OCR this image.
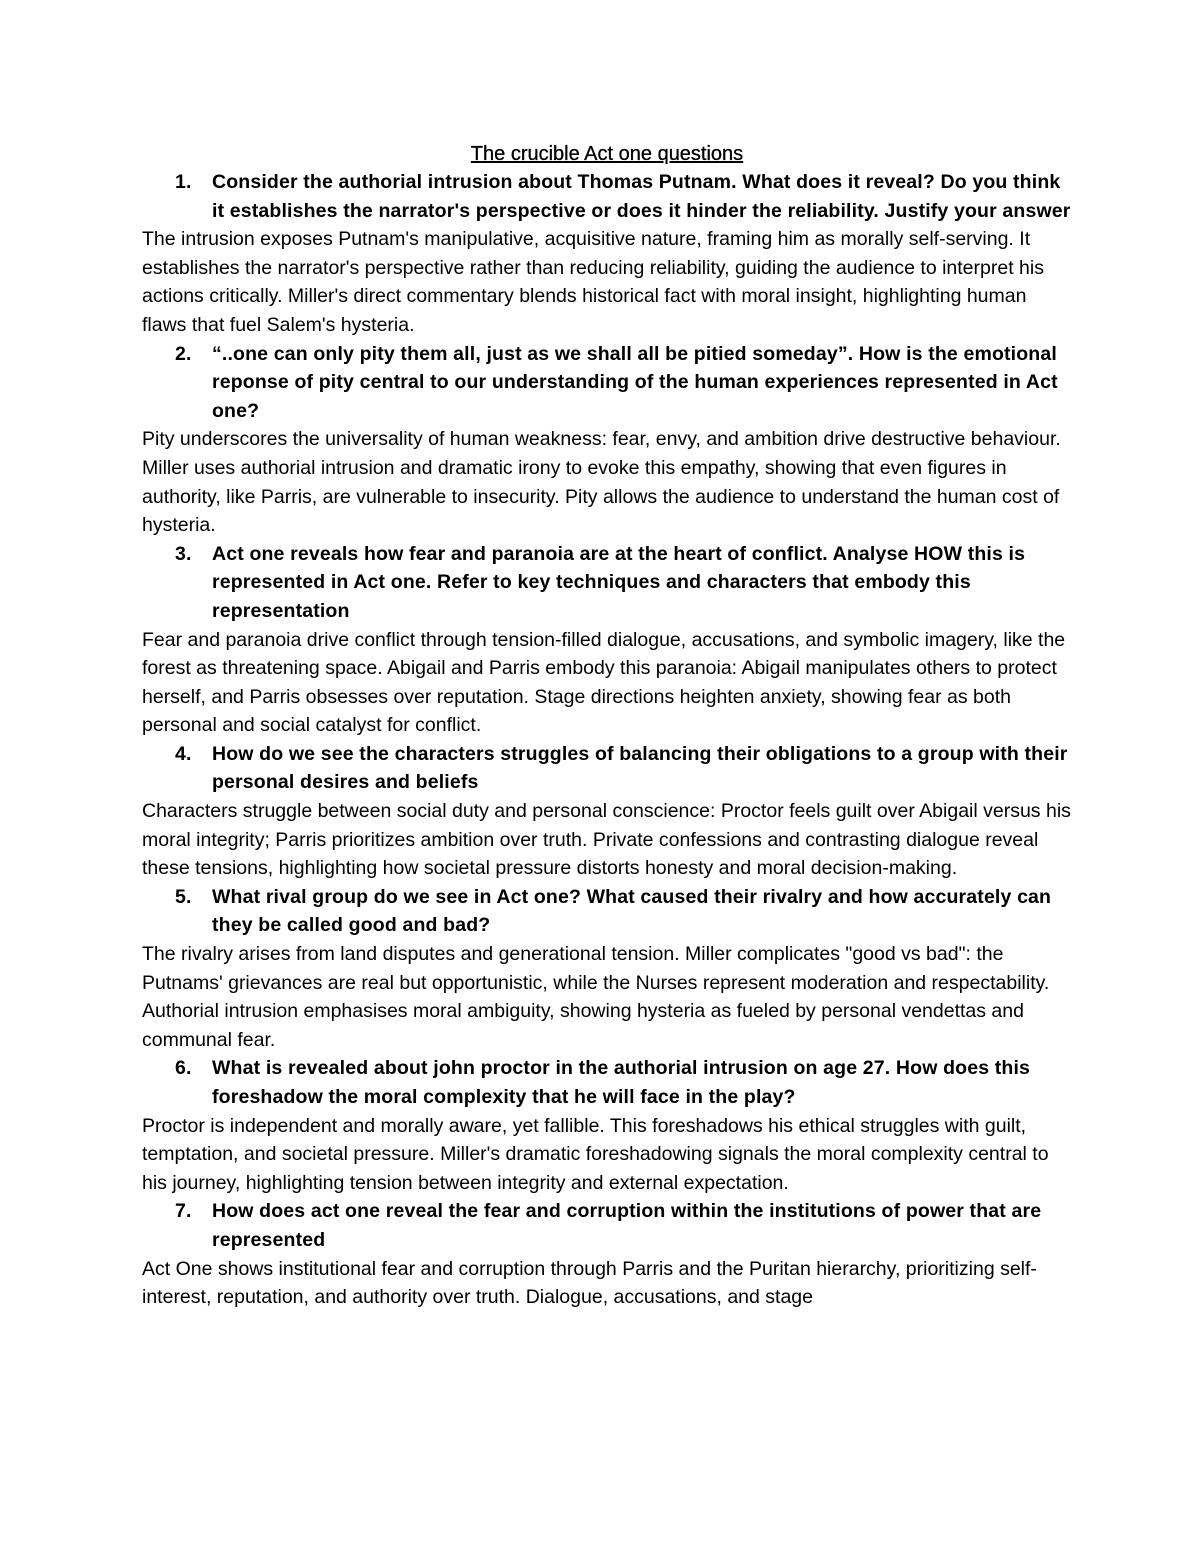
The crucible Act one questions

1. Consider the authorial intrusion about Thomas Putnam. What does it reveal? Do you think it establishes the narrator's perspective or does it hinder the reliability. Justify your answer

The intrusion exposes Putnam's manipulative, acquisitive nature, framing him as morally self-serving. It establishes the narrator's perspective rather than reducing reliability, guiding the audience to interpret his actions critically. Miller's direct commentary blends historical fact with moral insight, highlighting human flaws that fuel Salem's hysteria.

2. “..one can only pity them all, just as we shall all be pitied someday”. How is the emotional reponse of pity central to our understanding of the human experiences represented in Act one?

Pity underscores the universality of human weakness: fear, envy, and ambition drive destructive behaviour. Miller uses authorial intrusion and dramatic irony to evoke this empathy, showing that even figures in authority, like Parris, are vulnerable to insecurity. Pity allows the audience to understand the human cost of hysteria.

3. Act one reveals how fear and paranoia are at the heart of conflict. Analyse HOW this is represented in Act one. Refer to key techniques and characters that embody this representation

Fear and paranoia drive conflict through tension-filled dialogue, accusations, and symbolic imagery, like the forest as threatening space. Abigail and Parris embody this paranoia: Abigail manipulates others to protect herself, and Parris obsesses over reputation. Stage directions heighten anxiety, showing fear as both personal and social catalyst for conflict.

4. How do we see the characters struggles of balancing their obligations to a group with their personal desires and beliefs

Characters struggle between social duty and personal conscience: Proctor feels guilt over Abigail versus his moral integrity; Parris prioritizes ambition over truth. Private confessions and contrasting dialogue reveal these tensions, highlighting how societal pressure distorts honesty and moral decision-making.

5. What rival group do we see in Act one? What caused their rivalry and how accurately can they be called good and bad?

The rivalry arises from land disputes and generational tension. Miller complicates "good vs bad": the Putnams' grievances are real but opportunistic, while the Nurses represent moderation and respectability. Authorial intrusion emphasises moral ambiguity, showing hysteria as fueled by personal vendettas and communal fear.

6. What is revealed about john proctor in the authorial intrusion on age 27. How does this foreshadow the moral complexity that he will face in the play?

Proctor is independent and morally aware, yet fallible. This foreshadows his ethical struggles with guilt, temptation, and societal pressure. Miller's dramatic foreshadowing signals the moral complexity central to his journey, highlighting tension between integrity and external expectation.

7. How does act one reveal the fear and corruption within the institutions of power that are represented

Act One shows institutional fear and corruption through Parris and the Puritan hierarchy, prioritizing self-interest, reputation, and authority over truth. Dialogue, accusations, and stage
